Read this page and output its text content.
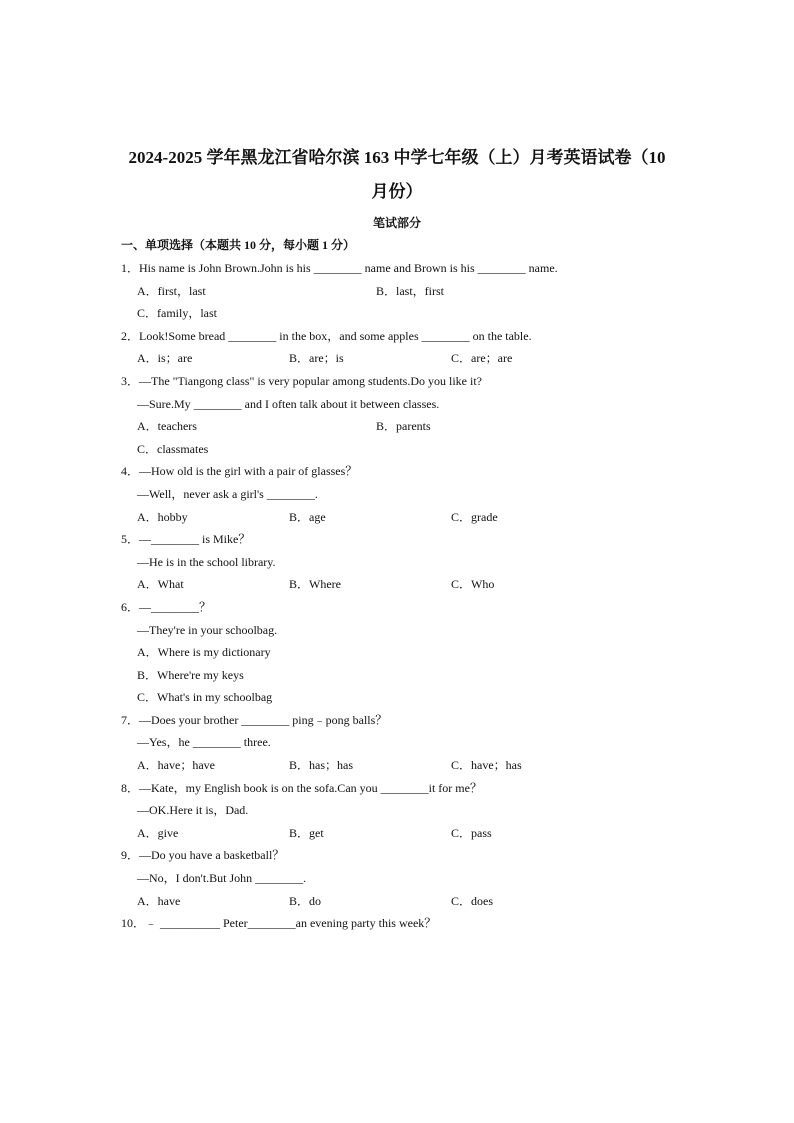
2024-2025 学年黑龙江省哈尔滨 163 中学七年级（上）月考英语试卷（10
月份）
笔试部分
一、单项选择（本题共 10 分，每小题 1 分）
1．His name is John Brown.John is his ________ name and Brown is his ________ name.
A．first，last	B．last，first
C．family，last
2．Look!Some bread ________ in the box，and some apples ________ on the table.
A．is；are	B．are；is	C．are；are
3．—The "Tiangong class" is very popular among students.Do you like it?
—Sure.My ________ and I often talk about it between classes.
A．teachers	B．parents
C．classmates
4．—How old is the girl with a pair of glasses？
—Well，never ask a girl's ________.
A．hobby	B．age	C．grade
5．—________ is Mike？
—He is in the school library.
A．What	B．Where	C．Who
6．—________？
—They're in your schoolbag.
A．Where is my dictionary
B．Where're my keys
C．What's in my schoolbag
7．—Does your brother ________ ping﹣pong balls？
—Yes，he ________ three.
A．have；have	B．has；has	C．have；has
8．—Kate，my English book is on the sofa.Can you ________it for me？
—OK.Here it is，Dad.
A．give	B．get	C．pass
9．—Do you have a basketball？
—No，I don't.But John ________.
A．have	B．do	C．does
10．﹣ __________ Peter________an evening party this week？
